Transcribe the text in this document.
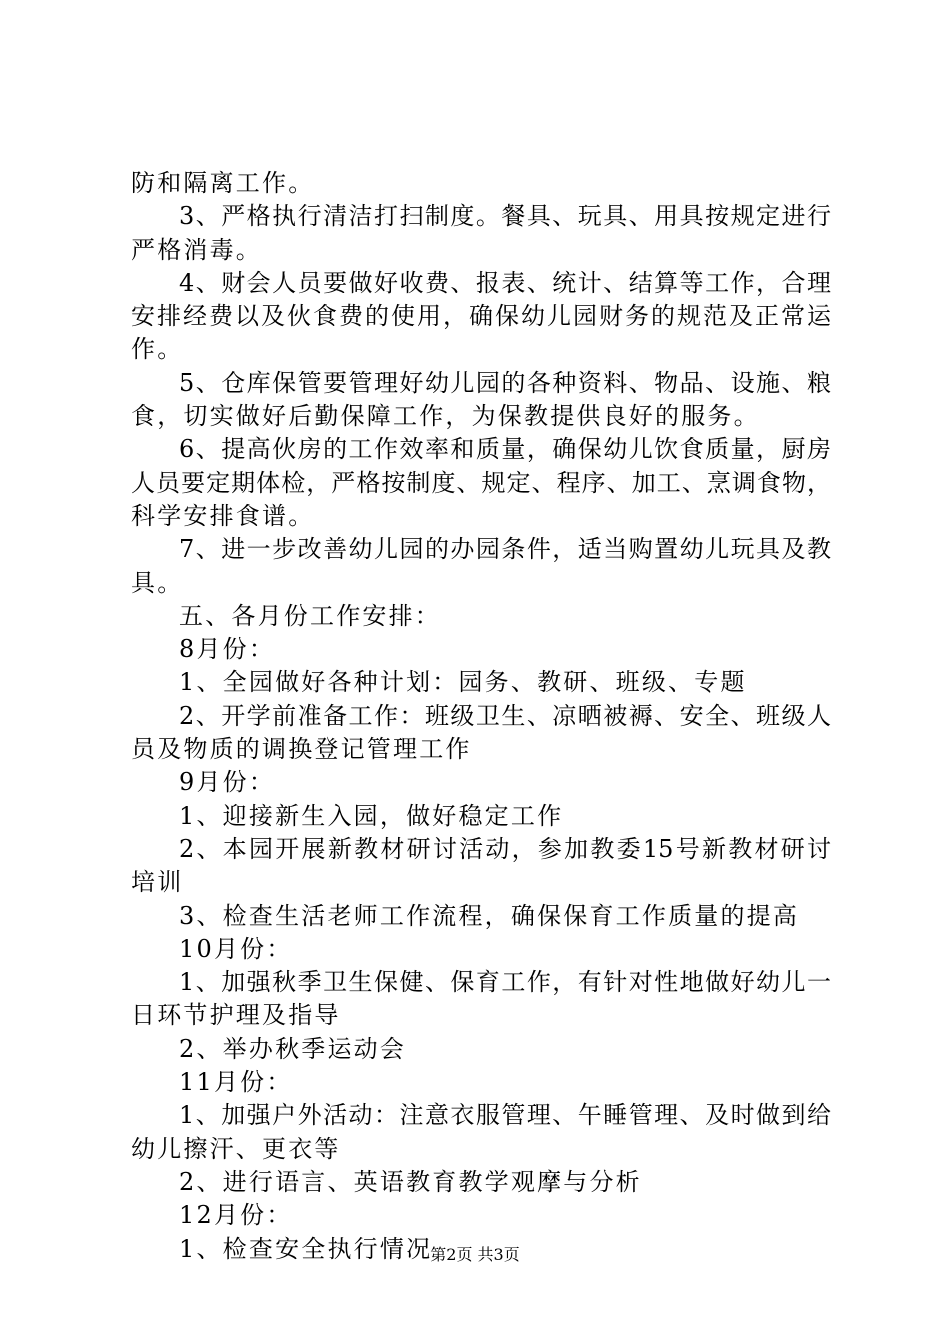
防和隔离工作。
3、严格执行清洁打扫制度。餐具、玩具、用具按规定进行
严格消毒。
4、财会人员要做好收费、报表、统计、结算等工作，合理
安排经费以及伙食费的使用，确保幼儿园财务的规范及正常运
作。
5、仓库保管要管理好幼儿园的各种资料、物品、设施、粮
食，切实做好后勤保障工作，为保教提供良好的服务。
6、提高伙房的工作效率和质量，确保幼儿饮食质量，厨房
人员要定期体检，严格按制度、规定、程序、加工、烹调食物，
科学安排食谱。
7、进一步改善幼儿园的办园条件，适当购置幼儿玩具及教
具。
五、各月份工作安排：
8月份：
1、全园做好各种计划：园务、教研、班级、专题
2、开学前准备工作：班级卫生、凉晒被褥、安全、班级人
员及物质的调换登记管理工作
9月份：
1、迎接新生入园，做好稳定工作
2、本园开展新教材研讨活动，参加教委15号新教材研讨
培训
3、检查生活老师工作流程，确保保育工作质量的提高
10月份：
1、加强秋季卫生保健、保育工作，有针对性地做好幼儿一
日环节护理及指导
2、举办秋季运动会
11月份：
1、加强户外活动：注意衣服管理、午睡管理、及时做到给
幼儿擦汗、更衣等
2、进行语言、英语教育教学观摩与分析
12月份：
1、检查安全执行情况
第2页 共3页
